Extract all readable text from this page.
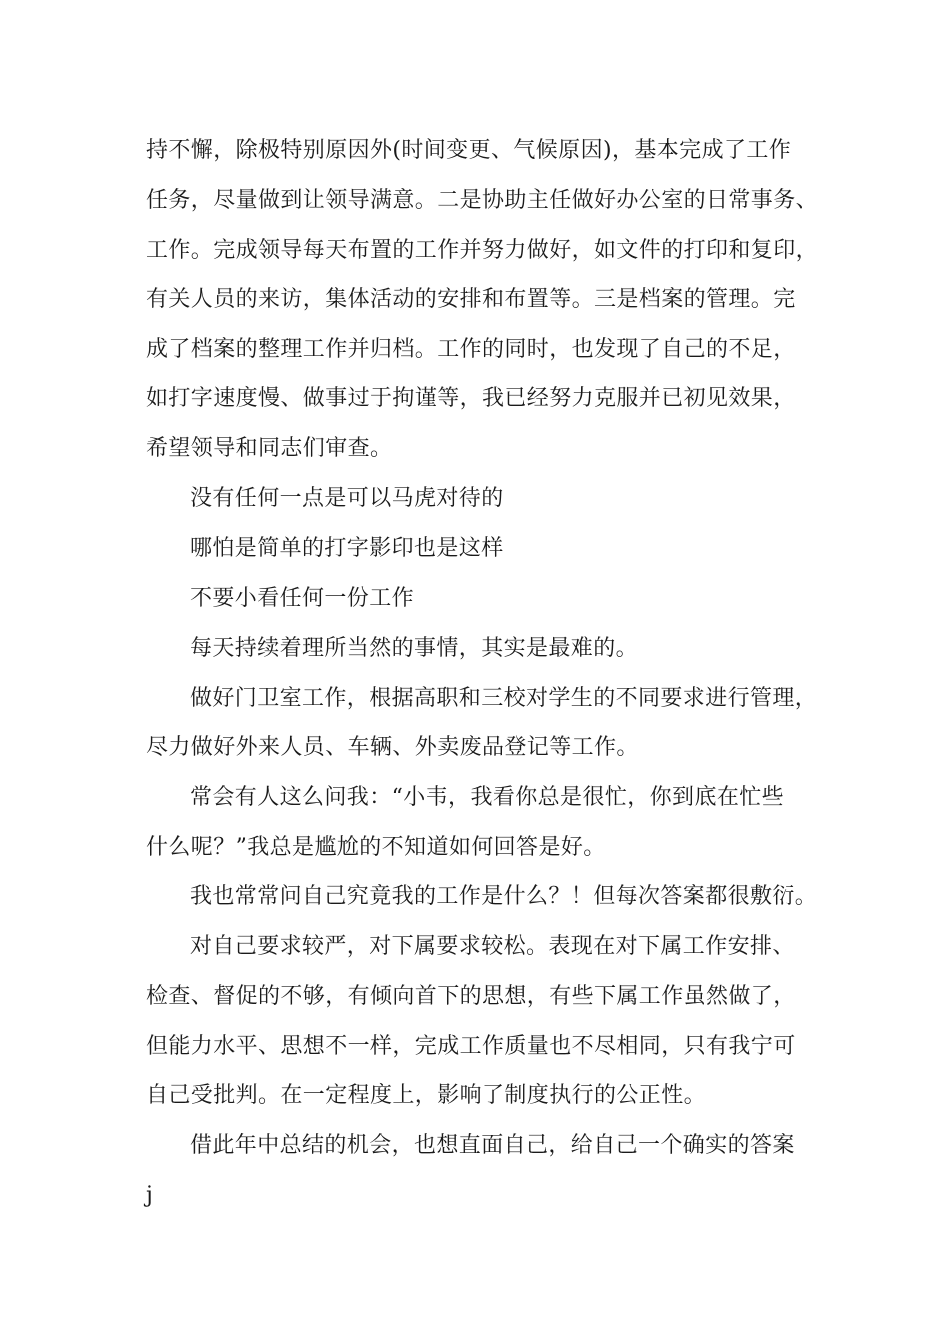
持不懈，除极特别原因外(时间变更、气候原因)，基本完成了工作
任务，尽量做到让领导满意。二是协助主任做好办公室的日常事务、
工作。完成领导每天布置的工作并努力做好，如文件的打印和复印，
有关人员的来访，集体活动的安排和布置等。三是档案的管理。完
成了档案的整理工作并归档。工作的同时，也发现了自己的不足，
如打字速度慢、做事过于拘谨等，我已经努力克服并已初见效果，
希望领导和同志们审查。
没有任何一点是可以马虎对待的
哪怕是简单的打字影印也是这样
不要小看任何一份工作
每天持续着理所当然的事情，其实是最难的。
做好门卫室工作，根据高职和三校对学生的不同要求进行管理，
尽力做好外来人员、车辆、外卖废品登记等工作。
常会有人这么问我：“小韦，我看你总是很忙，你到底在忙些
什么呢？”我总是尴尬的不知道如何回答是好。
我也常常问自己究竟我的工作是什么？！但每次答案都很敷衍。
对自己要求较严，对下属要求较松。表现在对下属工作安排、
检查、督促的不够，有倾向首下的思想，有些下属工作虽然做了，
但能力水平、思想不一样，完成工作质量也不尽相同，只有我宁可
自己受批判。在一定程度上，影响了制度执行的公正性。
借此年中总结的机会，也想直面自己，给自己一个确实的答案
j
